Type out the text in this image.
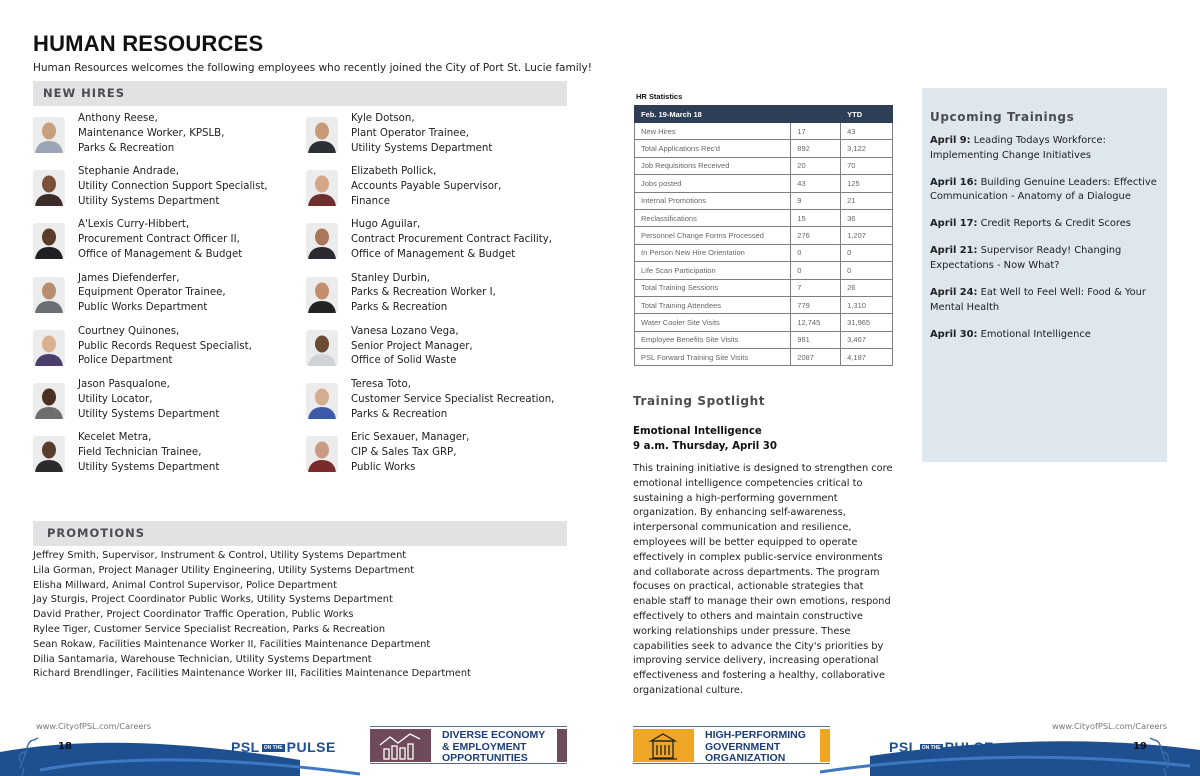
HUMAN RESOURCES
Human Resources welcomes the following employees who recently joined the City of Port St. Lucie family!
NEW HIRES
Anthony Reese,
Maintenance Worker, KPSLB,
Parks & Recreation
Stephanie Andrade,
Utility Connection Support Specialist,
Utility Systems Department
A'Lexis Curry-Hibbert,
Procurement Contract Officer II,
Office of Management & Budget
James Diefenderfer,
Equipment Operator Trainee,
Public Works Department
Courtney Quinones,
Public Records Request Specialist,
Police Department
Jason Pasqualone,
Utility Locator,
Utility Systems Department
Kecelet Metra,
Field Technician Trainee,
Utility Systems Department
Kyle Dotson,
Plant Operator Trainee,
Utility Systems Department
Elizabeth Pollick,
Accounts Payable Supervisor,
Finance
Hugo Aguilar,
Contract Procurement Contract Facility,
Office of Management & Budget
Stanley Durbin,
Parks & Recreation Worker I,
Parks & Recreation
Vanesa Lozano Vega,
Senior Project Manager,
Office of Solid Waste
Teresa Toto,
Customer Service Specialist Recreation,
Parks & Recreation
Eric Sexauer, Manager,
CIP & Sales Tax GRP,
Public Works
PROMOTIONS
Jeffrey Smith, Supervisor, Instrument & Control, Utility Systems Department
Lila Gorman, Project Manager Utility Engineering, Utility Systems Department
Elisha Millward, Animal Control Supervisor, Police Department
Jay Sturgis, Project Coordinator Public Works, Utility Systems Department
David Prather, Project Coordinator Traffic Operation, Public Works
Rylee Tiger, Customer Service Specialist Recreation, Parks & Recreation
Sean Rokaw, Facilities Maintenance Worker II, Facilities Maintenance Department
Dilia Santamaria, Warehouse Technician, Utility Systems Department
Richard Brendlinger, Facilities Maintenance Worker III, Facilities Maintenance Department
HR Statistics
Feb. 19-March 18		YTD
New Hires	17	43
Total Applications Rec'd	892	3,122
Job Requisitions Received	20	70
Jobs posted	43	125
Internal Promotions	9	21
Reclassifications	15	36
Personnel Change Forms Processed	276	1,207
In Person New Hire Orientation	0	0
Life Scan Participation	0	0
Total Training Sessions	7	26
Total Training Attendees	779	1,310
Water Cooler Site Visits	12,745	31,965
Employee Benefits Site Visits	981	3,467
PSL Forward Training Site Visits	2087	4,187
Training Spotlight
Emotional Intelligence
9 a.m. Thursday, April 30
This training initiative is designed to strengthen core emotional intelligence competencies critical to sustaining a high-performing government organization. By enhancing self-awareness, interpersonal communication and resilience, employees will be better equipped to operate effectively in complex public-service environments and collaborate across departments. The program focuses on practical, actionable strategies that enable staff to manage their own emotions, respond effectively to others and maintain constructive working relationships under pressure. These capabilities seek to advance the City's priorities by improving service delivery, increasing operational effectiveness and fostering a healthy, collaborative organizational culture.
Upcoming Trainings
April 9: Leading Todays Workforce: Implementing Change Initiatives
April 16: Building Genuine Leaders: Effective Communication - Anatomy of a Dialogue
April 17: Credit Reports & Credit Scores
April 21: Supervisor Ready! Changing Expectations - Now What?
April 24: Eat Well to Feel Well: Food & Your Mental Health
April 30: Emotional Intelligence
www.CityofPSL.com/Careers	www.CityofPSL.com/Careers
18	19
PSL ON THE PULSE	PSL ON THE PULSE
DIVERSE ECONOMY
& EMPLOYMENT
OPPORTUNITIES
HIGH-PERFORMING
GOVERNMENT
ORGANIZATION
